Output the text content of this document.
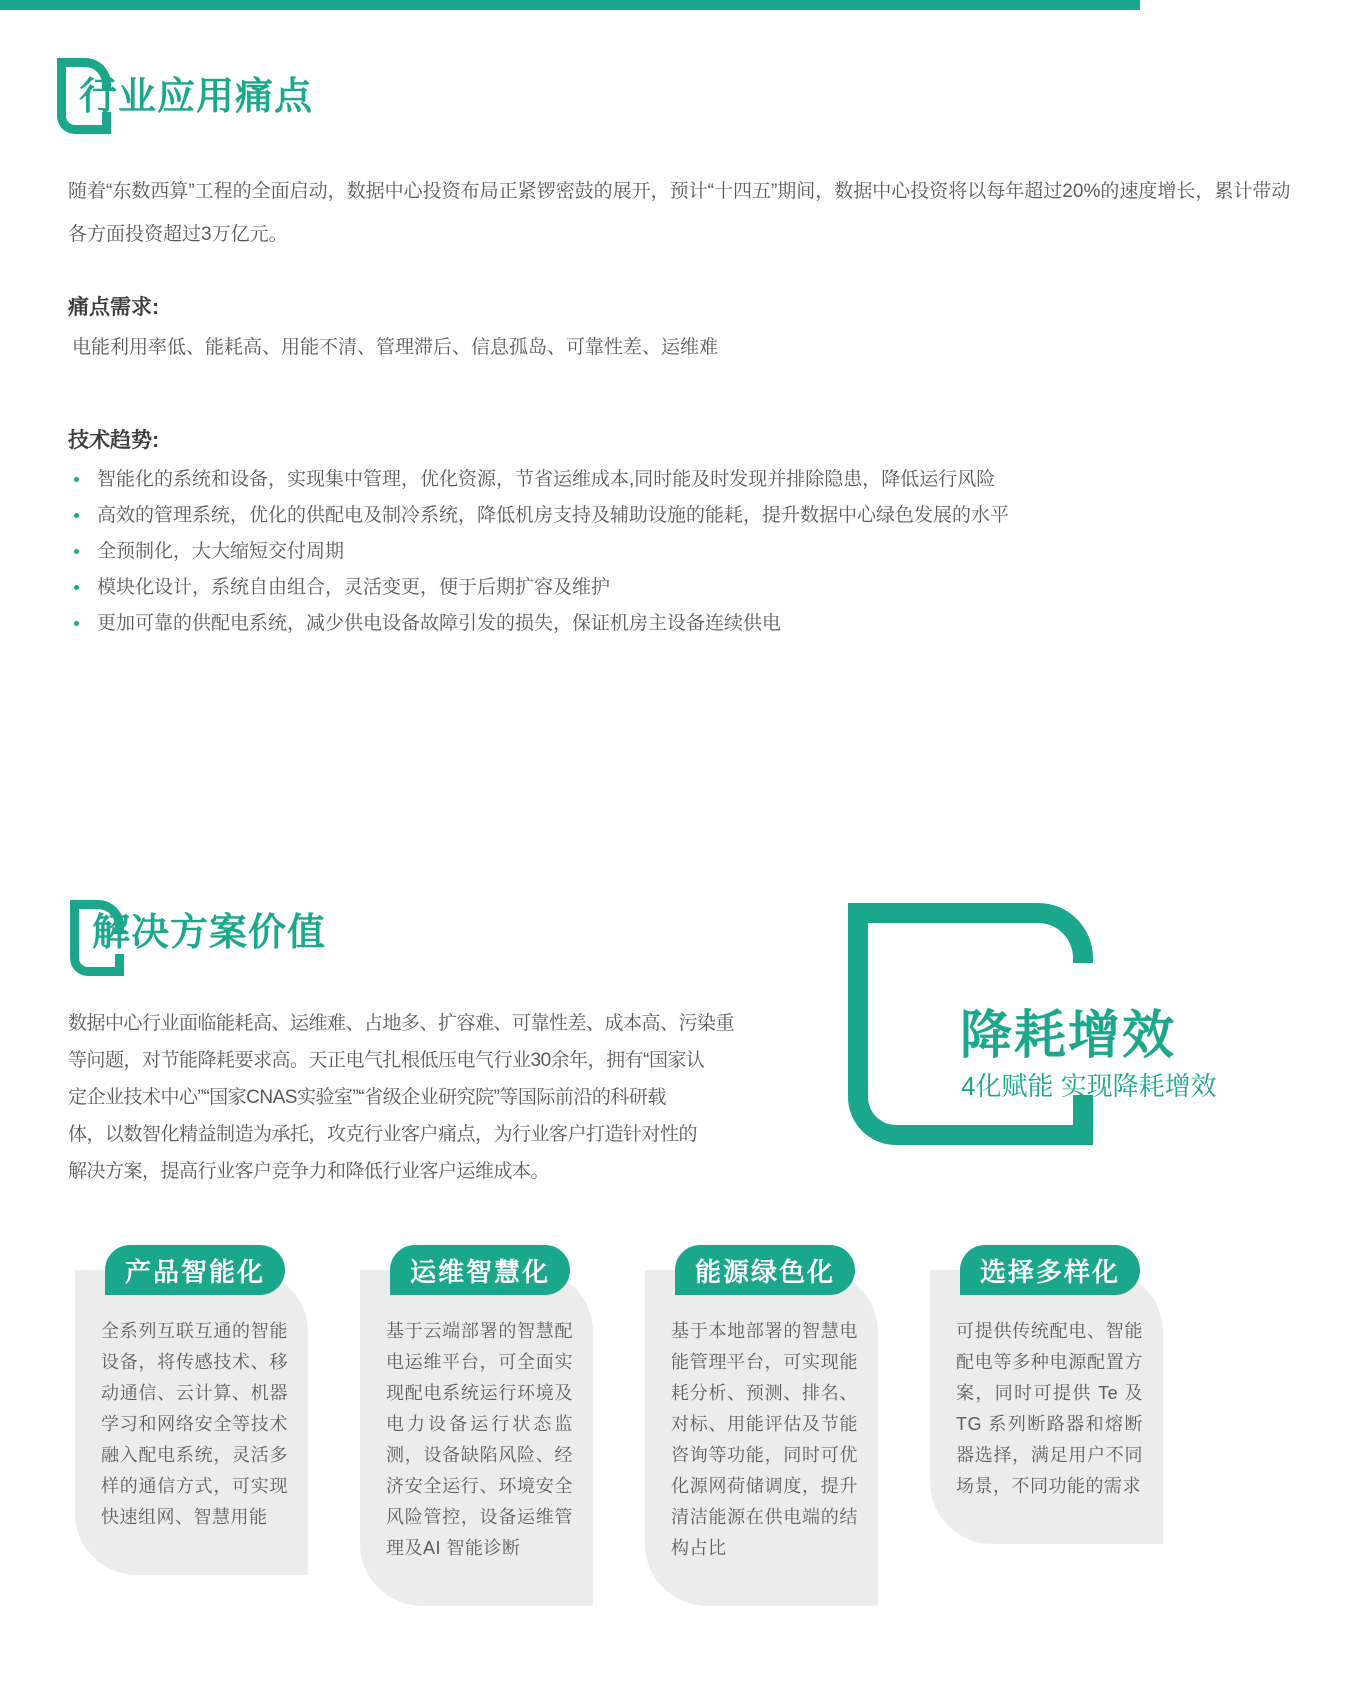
行业应用痛点
随着“东数西算”工程的全面启动，数据中心投资布局正紧锣密鼓的展开，预计“十四五”期间，数据中心投资将以每年超过20%的速度增长，累计带动
各方面投资超过3万亿元。
痛点需求:
电能利用率低、能耗高、用能不清、管理滞后、信息孤岛、可靠性差、运维难
技术趋势:
智能化的系统和设备，实现集中管理，优化资源，节省运维成本,同时能及时发现并排除隐患，降低运行风险
高效的管理系统，优化的供配电及制冷系统，降低机房支持及辅助设施的能耗，提升数据中心绿色发展的水平
全预制化，大大缩短交付周期
模块化设计，系统自由组合，灵活变更，便于后期扩容及维护
更加可靠的供配电系统，减少供电设备故障引发的损失，保证机房主设备连续供电
解决方案价值
数据中心行业面临能耗高、运维难、占地多、扩容难、可靠性差、成本高、污染重
等问题，对节能降耗要求高。天正电气扎根低压电气行业30余年，拥有“国家认
定企业技术中心”“国家CNAS实验室”“省级企业研究院”等国际前沿的科研载
体，以数智化精益制造为承托，攻克行业客户痛点，为行业客户打造针对性的
解决方案，提高行业客户竞争力和降低行业客户运维成本。
降耗增效

4化赋能 实现降耗增效

产品智能化
全系列互联互通的智能设备，将传感技术、移动通信、云计算、机器学习和网络安全等技术融入配电系统，灵活多样的通信方式，可实现快速组网、智慧用能
运维智慧化
基于云端部署的智慧配电运维平台，可全面实现配电系统运行环境及电力设备运行状态监测，设备缺陷风险、经济安全运行、环境安全风险管控，设备运维管理及AI 智能诊断
能源绿色化
基于本地部署的智慧电能管理平台，可实现能耗分析、预测、排名、对标、用能评估及节能咨询等功能，同时可优化源网荷储调度，提升清洁能源在供电端的结构占比
选择多样化
可提供传统配电、智能配电等多种电源配置方案，同时可提供 Te 及TG 系列断路器和熔断器选择，满足用户不同场景，不同功能的需求
